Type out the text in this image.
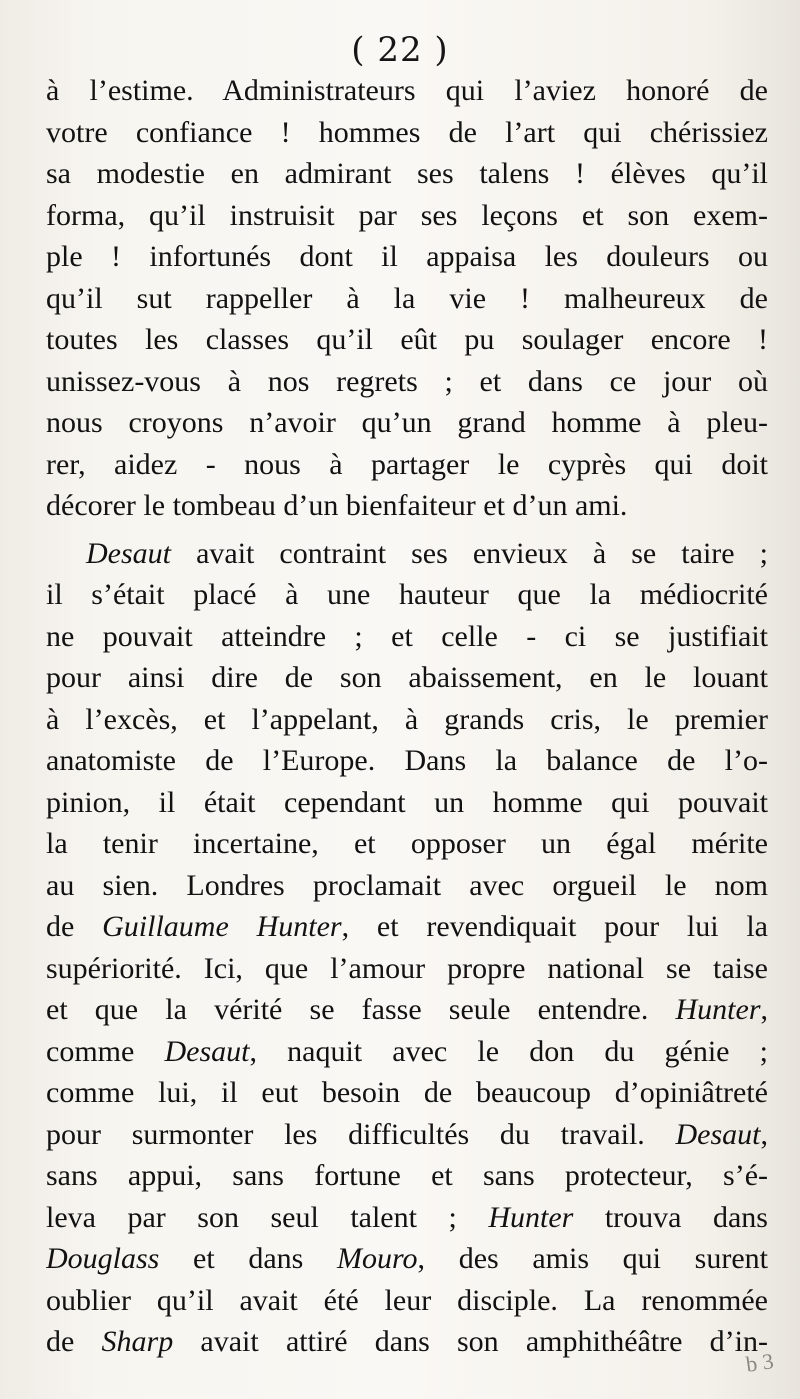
( 22 )
à l’estime. Administrateurs qui l’aviez honoré de
votre confiance ! hommes de l’art qui chérissiez
sa modestie en admirant ses talens ! élèves qu’il
forma, qu’il instruisit par ses leçons et son exem-
ple ! infortunés dont il appaisa les douleurs ou
qu’il sut rappeller à la vie ! malheureux de
toutes les classes qu’il eût pu soulager encore !
unissez-vous à nos regrets ; et dans ce jour où
nous croyons n’avoir qu’un grand homme à pleu-
rer, aidez - nous à partager le cyprès qui doit
décorer le tombeau d’un bienfaiteur et d’un ami.
Desaut avait contraint ses envieux à se taire ;
il s’était placé à une hauteur que la médiocrité
ne pouvait atteindre ; et celle - ci se justifiait
pour ainsi dire de son abaissement, en le louant
à l’excès, et l’appelant, à grands cris, le premier
anatomiste de l’Europe. Dans la balance de l’o-
pinion, il était cependant un homme qui pouvait
la tenir incertaine, et opposer un égal mérite
au sien. Londres proclamait avec orgueil le nom
de Guillaume Hunter, et revendiquait pour lui la
supériorité. Ici, que l’amour propre national se taise
et que la vérité se fasse seule entendre. Hunter,
comme Desaut, naquit avec le don du génie ;
comme lui, il eut besoin de beaucoup d’opiniâtreté
pour surmonter les difficultés du travail. Desaut,
sans appui, sans fortune et sans protecteur, s’é-
leva par son seul talent ; Hunter trouva dans
Douglass et dans Mouro, des amis qui surent
oublier qu’il avait été leur disciple. La renommée
de Sharp avait attiré dans son amphithéâtre d’in-
b 3
